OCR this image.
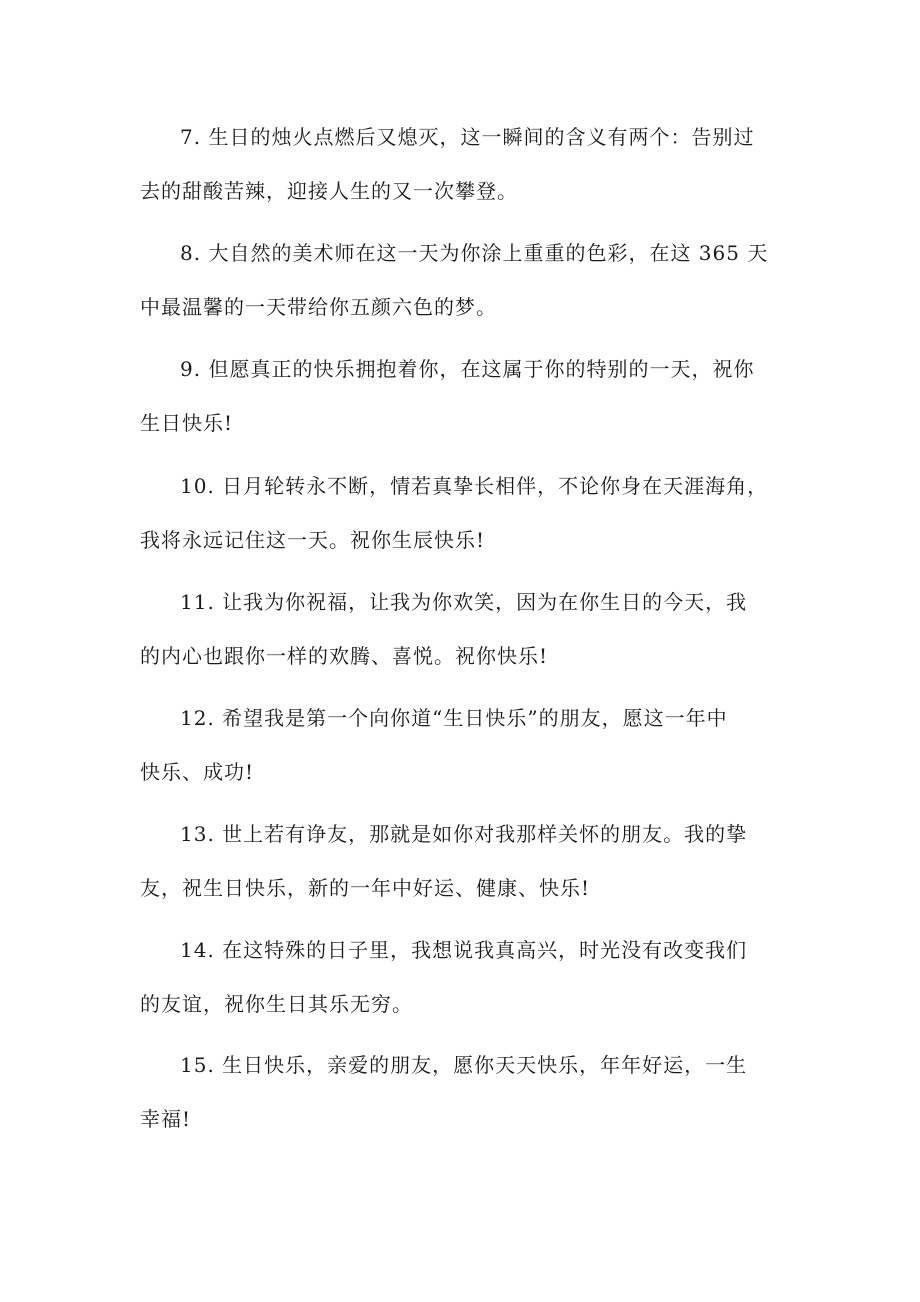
7. 生日的烛火点燃后又熄灭，这一瞬间的含义有两个：告别过
去的甜酸苦辣，迎接人生的又一次攀登。
8. 大自然的美术师在这一天为你涂上重重的色彩，在这 365 天
中最温馨的一天带给你五颜六色的梦。
9. 但愿真正的快乐拥抱着你，在这属于你的特别的一天，祝你
生日快乐!
10. 日月轮转永不断，情若真挚长相伴，不论你身在天涯海角，
我将永远记住这一天。祝你生辰快乐!
11. 让我为你祝福，让我为你欢笑，因为在你生日的今天，我
的内心也跟你一样的欢腾、喜悦。祝你快乐!
12. 希望我是第一个向你道“生日快乐”的朋友，愿这一年中
快乐、成功!
13. 世上若有诤友，那就是如你对我那样关怀的朋友。我的挚
友，祝生日快乐，新的一年中好运、健康、快乐!
14. 在这特殊的日子里，我想说我真高兴，时光没有改变我们
的友谊，祝你生日其乐无穷。
15. 生日快乐，亲爱的朋友，愿你天天快乐，年年好运，一生
幸福!
